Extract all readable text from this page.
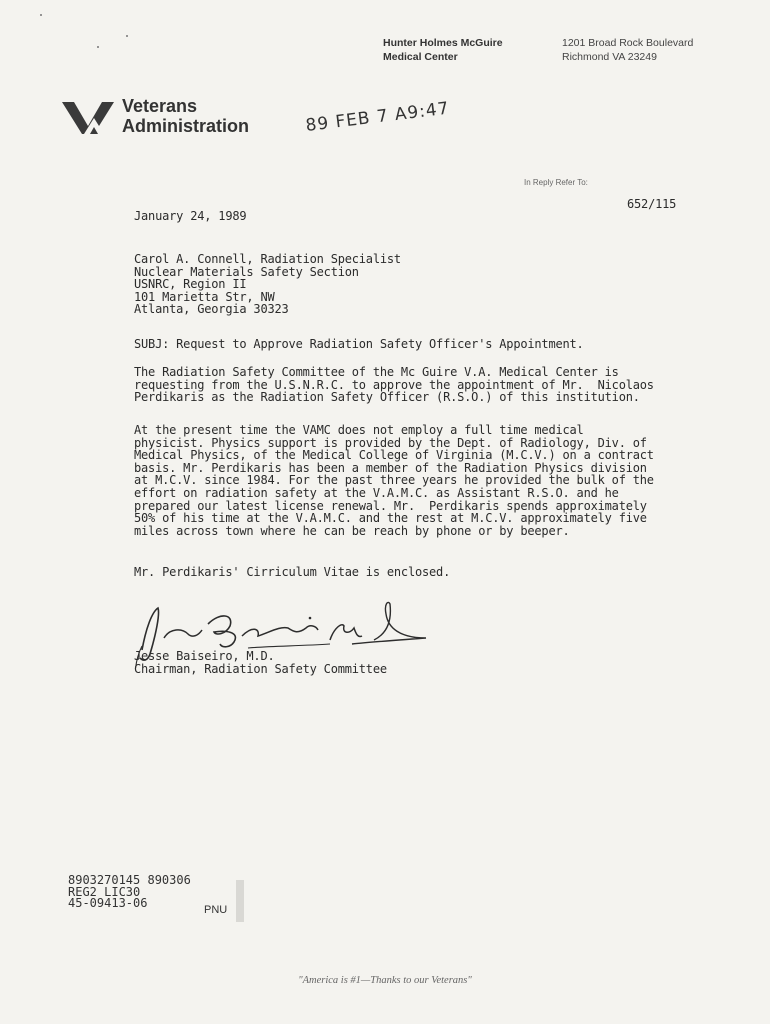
Hunter Holmes McGuire
Medical Center
1201 Broad Rock Boulevard
Richmond VA 23249
Veterans
Administration	89 FEB 7 A9:47
In Reply Refer To:
652/115
January 24, 1989
Carol A. Connell, Radiation Specialist
Nuclear Materials Safety Section
USNRC, Region II
101 Marietta Str, NW
Atlanta, Georgia 30323
SUBJ: Request to Approve Radiation Safety Officer's Appointment.
The Radiation Safety Committee of the Mc Guire V.A. Medical Center is
requesting from the U.S.N.R.C. to approve the appointment of Mr.  Nicolaos
Perdikaris as the Radiation Safety Officer (R.S.O.) of this institution.
At the present time the VAMC does not employ a full time medical
physicist. Physics support is provided by the Dept. of Radiology, Div. of
Medical Physics, of the Medical College of Virginia (M.C.V.) on a contract
basis. Mr. Perdikaris has been a member of the Radiation Physics division
at M.C.V. since 1984. For the past three years he provided the bulk of the
effort on radiation safety at the V.A.M.C. as Assistant R.S.O. and he
prepared our latest license renewal. Mr.  Perdikaris spends approximately
50% of his time at the V.A.M.C. and the rest at M.C.V. approximately five
miles across town where he can be reach by phone or by beeper.
Mr. Perdikaris' Cirriculum Vitae is enclosed.
Jesse Baiseiro, M.D.
Chairman, Radiation Safety Committee
8903270145 890306
REG2 LIC30
45-09413-06	PNU
"America is #1—Thanks to our Veterans"
